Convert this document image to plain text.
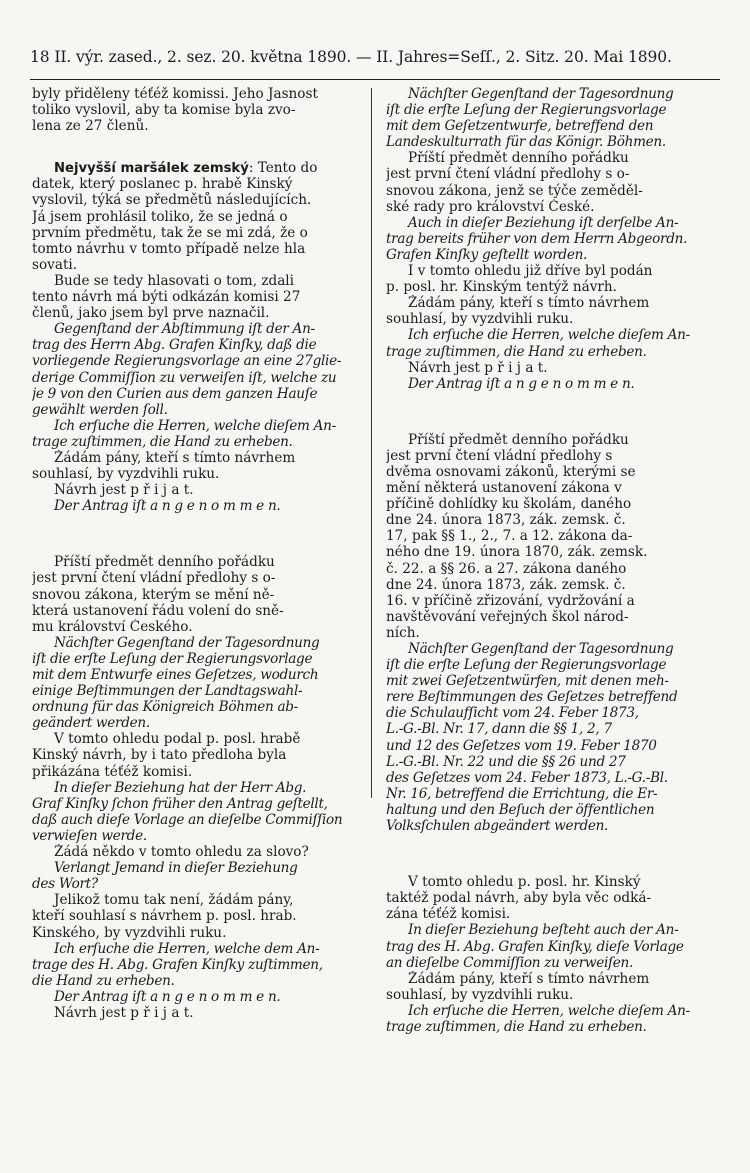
18 II. výr. zased., 2. sez. 20. května 1890. — II. Jahres=Seſſ., 2. Sitz. 20. Mai 1890.
byly přiděleny téťéž komissi. Jeho Jasnost
toliko vyslovil, aby ta komise byla zvo-
lena ze 27 členů.
Nejvyšší maršálek zemský: Tento do
datek, který poslanec p. hrabě Kinský
vyslovil, týká se předmětů následujících.
Já jsem prohlásil toliko, že se jedná o
prvním předmětu, tak že se mi zdá, že o
tomto návrhu v tomto případě nelze hla
sovati.
Bude se tedy hlasovati o tom, zdali
tento návrh má býti odkázán komisi 27
členů, jako jsem byl prve naznačil.
Gegenſtand der Abſtimmung iſt der An-
trag des Herrn Abg. Grafen Kinſky, daß die
vorliegende Regierungsvorlage an eine 27glie-
derige Commiſſion zu verweiſen iſt, welche zu
je 9 von den Curien aus dem ganzen Hauſe
gewählt werden ſoll.
Ich erſuche die Herren, welche dieſem An-
trage zuſtimmen, die Hand zu erheben.
Žádám pány, kteří s tímto návrhem
souhlasí, by vyzdvihli ruku.
Návrh jest p ř i j a t.
Der Antrag iſt a n g e n o m m e n.
Příští předmět denního pořádku
jest první čtení vládní předlohy s o-
snovou zákona, kterým se mění ně-
která ustanovení řádu volení do sně-
mu království Českého.
Nächſter Gegenſtand der Tagesordnung
iſt die erſte Leſung der Regierungsvorlage
mit dem Entwurfe eines Geſetzes, wodurch
einige Beſtimmungen der Landtagswahl-
ordnung für das Königreich Böhmen ab-
geändert werden.
V tomto ohledu podal p. posl. hrabě
Kinský návrh, by i tato předloha byla
přikázána téťéž komisi.
In dieſer Beziehung hat der Herr Abg.
Graf Kinſky ſchon früher den Antrag geſtellt,
daß auch dieſe Vorlage an dieſelbe Commiſſion
verwieſen werde.
Žádá někdo v tomto ohledu za slovo?
Verlangt Jemand in dieſer Beziehung
des Wort?
Jelikož tomu tak není, žádám pány,
kteří souhlasí s návrhem p. posl. hrab.
Kinského, by vyzdvihli ruku.
Ich erſuche die Herren, welche dem An-
trage des H. Abg. Grafen Kinſky zuſtimmen,
die Hand zu erheben.
Der Antrag iſt a n g e n o m m e n.
Návrh jest p ř i j a t.
Nächſter Gegenſtand der Tagesordnung
iſt die erſte Leſung der Regierungsvorlage
mit dem Geſetzentwurfe, betreffend den
Landeskulturrath für das Königr. Böhmen.
Příští předmět denního pořádku
jest první čtení vládní předlohy s o-
snovou zákona, jenž se týče zeměděl-
ské rady pro království České.
Auch in dieſer Beziehung iſt derſelbe An-
trag bereits früher von dem Herrn Abgeordn.
Grafen Kinſky geſtellt worden.
I v tomto ohledu již dříve byl podán
p. posl. hr. Kinským tentýž návrh.
Žádám pány, kteří s tímto návrhem
souhlasí, by vyzdvihli ruku.
Ich erſuche die Herren, welche dieſem An-
trage zuſtimmen, die Hand zu erheben.
Návrh jest p ř i j a t.
Der Antrag iſt a n g e n o m m e n.
Příští předmět denního pořádku
jest první čtení vládní předlohy s
dvěma osnovami zákonů, kterými se
mění některá ustanovení zákona v
příčině dohlídky ku školám, daného
dne 24. února 1873, zák. zemsk. č.
17, pak §§ 1., 2., 7. a 12. zákona da-
ného dne 19. února 1870, zák. zemsk.
č. 22. a §§ 26. a 27. zákona daného
dne 24. února 1873, zák. zemsk. č.
16. v příčině zřizování, vydržování a
navštěvování veřejných škol národ-
ních.
Nächſter Gegenſtand der Tagesordnung
iſt die erſte Leſung der Regierungsvorlage
mit zwei Geſetzentwürfen, mit denen meh-
rere Beſtimmungen des Geſetzes betreffend
die Schulaufſicht vom 24. Feber 1873,
L.-G.-Bl. Nr. 17, dann die §§ 1, 2, 7
und 12 des Geſetzes vom 19. Feber 1870
L.-G.-Bl. Nr. 22 und die §§ 26 und 27
des Geſetzes vom 24. Feber 1873, L.-G.-Bl.
Nr. 16, betreffend die Errichtung, die Er-
haltung und den Beſuch der öffentlichen
Volksſchulen abgeändert werden.
V tomto ohledu p. posl. hr. Kinský
taktéž podal návrh, aby byla věc odká-
zána téťéž komisi.
In dieſer Beziehung beſteht auch der An-
trag des H. Abg. Grafen Kinſky, dieſe Vorlage
an dieſelbe Commiſſion zu verweiſen.
Žádám pány, kteří s tímto návrhem
souhlasí, by vyzdvihli ruku.
Ich erſuche die Herren, welche dieſem An-
trage zuſtimmen, die Hand zu erheben.
